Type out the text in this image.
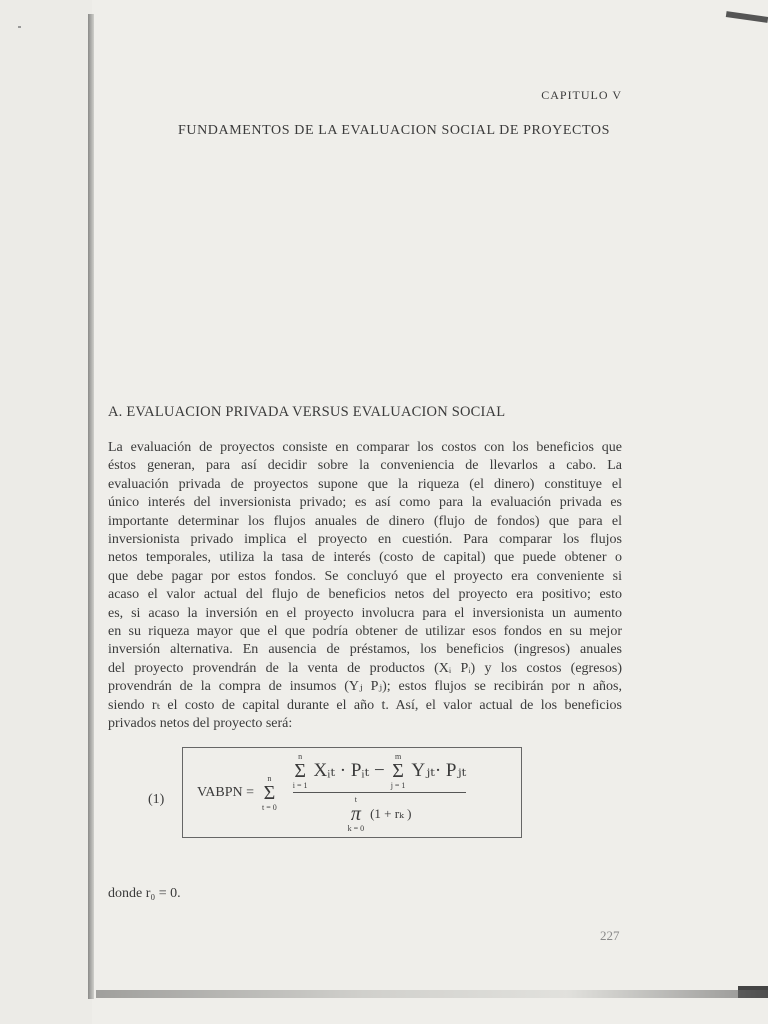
CAPITULO V
FUNDAMENTOS DE LA EVALUACION SOCIAL DE PROYECTOS
A. EVALUACION PRIVADA VERSUS EVALUACION SOCIAL
La evaluación de proyectos consiste en comparar los costos con los beneficios que
éstos generan, para así decidir sobre la conveniencia de llevarlos a cabo. La
evaluación privada de proyectos supone que la riqueza (el dinero) constituye el
único interés del inversionista privado; es así como para la evaluación privada es
importante determinar los flujos anuales de dinero (flujo de fondos) que para el
inversionista privado implica el proyecto en cuestión. Para comparar los flujos
netos temporales, utiliza la tasa de interés (costo de capital) que puede obtener o
que debe pagar por estos fondos. Se concluyó que el proyecto era conveniente si
acaso el valor actual del flujo de beneficios netos del proyecto era positivo; esto
es, si acaso la inversión en el proyecto involucra para el inversionista un aumento
en su riqueza mayor que el que podría obtener de utilizar esos fondos en su mejor
inversión alternativa. En ausencia de préstamos, los beneficios (ingresos) anuales
del proyecto provendrán de la venta de productos (Xᵢ Pᵢ) y los costos (egresos)
provendrán de la compra de insumos (Yⱼ Pⱼ); estos flujos se recibirán por n años,
siendo rₜ el costo de capital durante el año t. Así, el valor actual de los beneficios
privados netos del proyecto será:
(1) VABPN =
n
Σ
t = 0
n
Σ
i = 1
Χᵢₜ · Pᵢₜ −
m
Σ
j = 1
Yⱼₜ· Pⱼₜ
t
π
k = 0
(1 + rₖ )
donde r₀ = 0.
227
